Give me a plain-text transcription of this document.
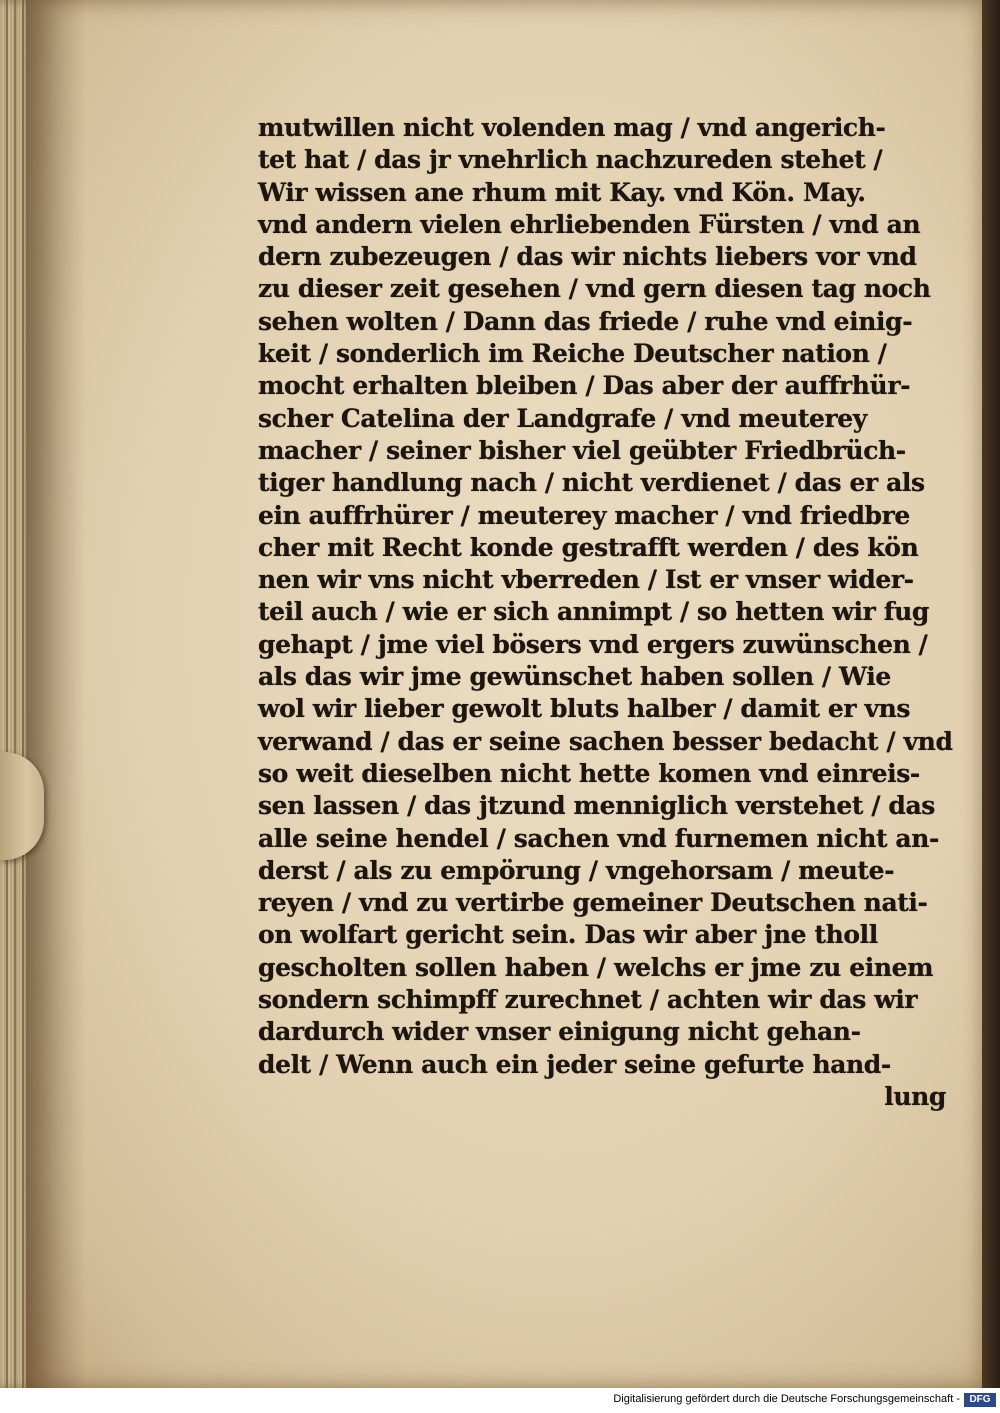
mutwillen nicht volenden mag / vnd angerich-
tet hat / das jr vnehrlich nachzureden stehet /
Wir wissen ane rhum mit Kay. vnd Kön. May.
vnd andern vielen ehrliebenden Fürsten / vnd an
dern zubezeugen / das wir nichts liebers vor vnd
zu dieser zeit gesehen / vnd gern diesen tag noch
sehen wolten / Dann das friede / ruhe vnd einig-
keit / sonderlich im Reiche Deutscher nation /
mocht erhalten bleiben / Das aber der auffrhür-
scher Catelina der Landgrafe / vnd meuterey
macher / seiner bisher viel geübter Friedbrüch-
tiger handlung nach / nicht verdienet / das er als
ein auffrhürer / meuterey macher / vnd friedbre
cher mit Recht konde gestrafft werden / des kön
nen wir vns nicht vberreden / Ist er vnser wider-
teil auch / wie er sich annimpt / so hetten wir fug
gehapt / jme viel bösers vnd ergers zuwünschen /
als das wir jme gewünschet haben sollen / Wie
wol wir lieber gewolt bluts halber / damit er vns
verwand / das er seine sachen besser bedacht / vnd
so weit dieselben nicht hette komen vnd einreis-
sen lassen / das jtzund menniglich verstehet / das
alle seine hendel / sachen vnd furnemen nicht an-
derst / als zu empörung / vngehorsam / meute-
reyen / vnd zu vertirbe gemeiner Deutschen nati-
on wolfart gericht sein. Das wir aber jne tholl
gescholten sollen haben / welchs er jme zu einem
sondern schimpff zurechnet / achten wir das wir
dardurch wider vnser einigung nicht gehan-
delt / Wenn auch ein jeder seine gefurte hand-
lung
Digitalisierung gefördert durch die Deutsche Forschungsgemeinschaft - DFG
